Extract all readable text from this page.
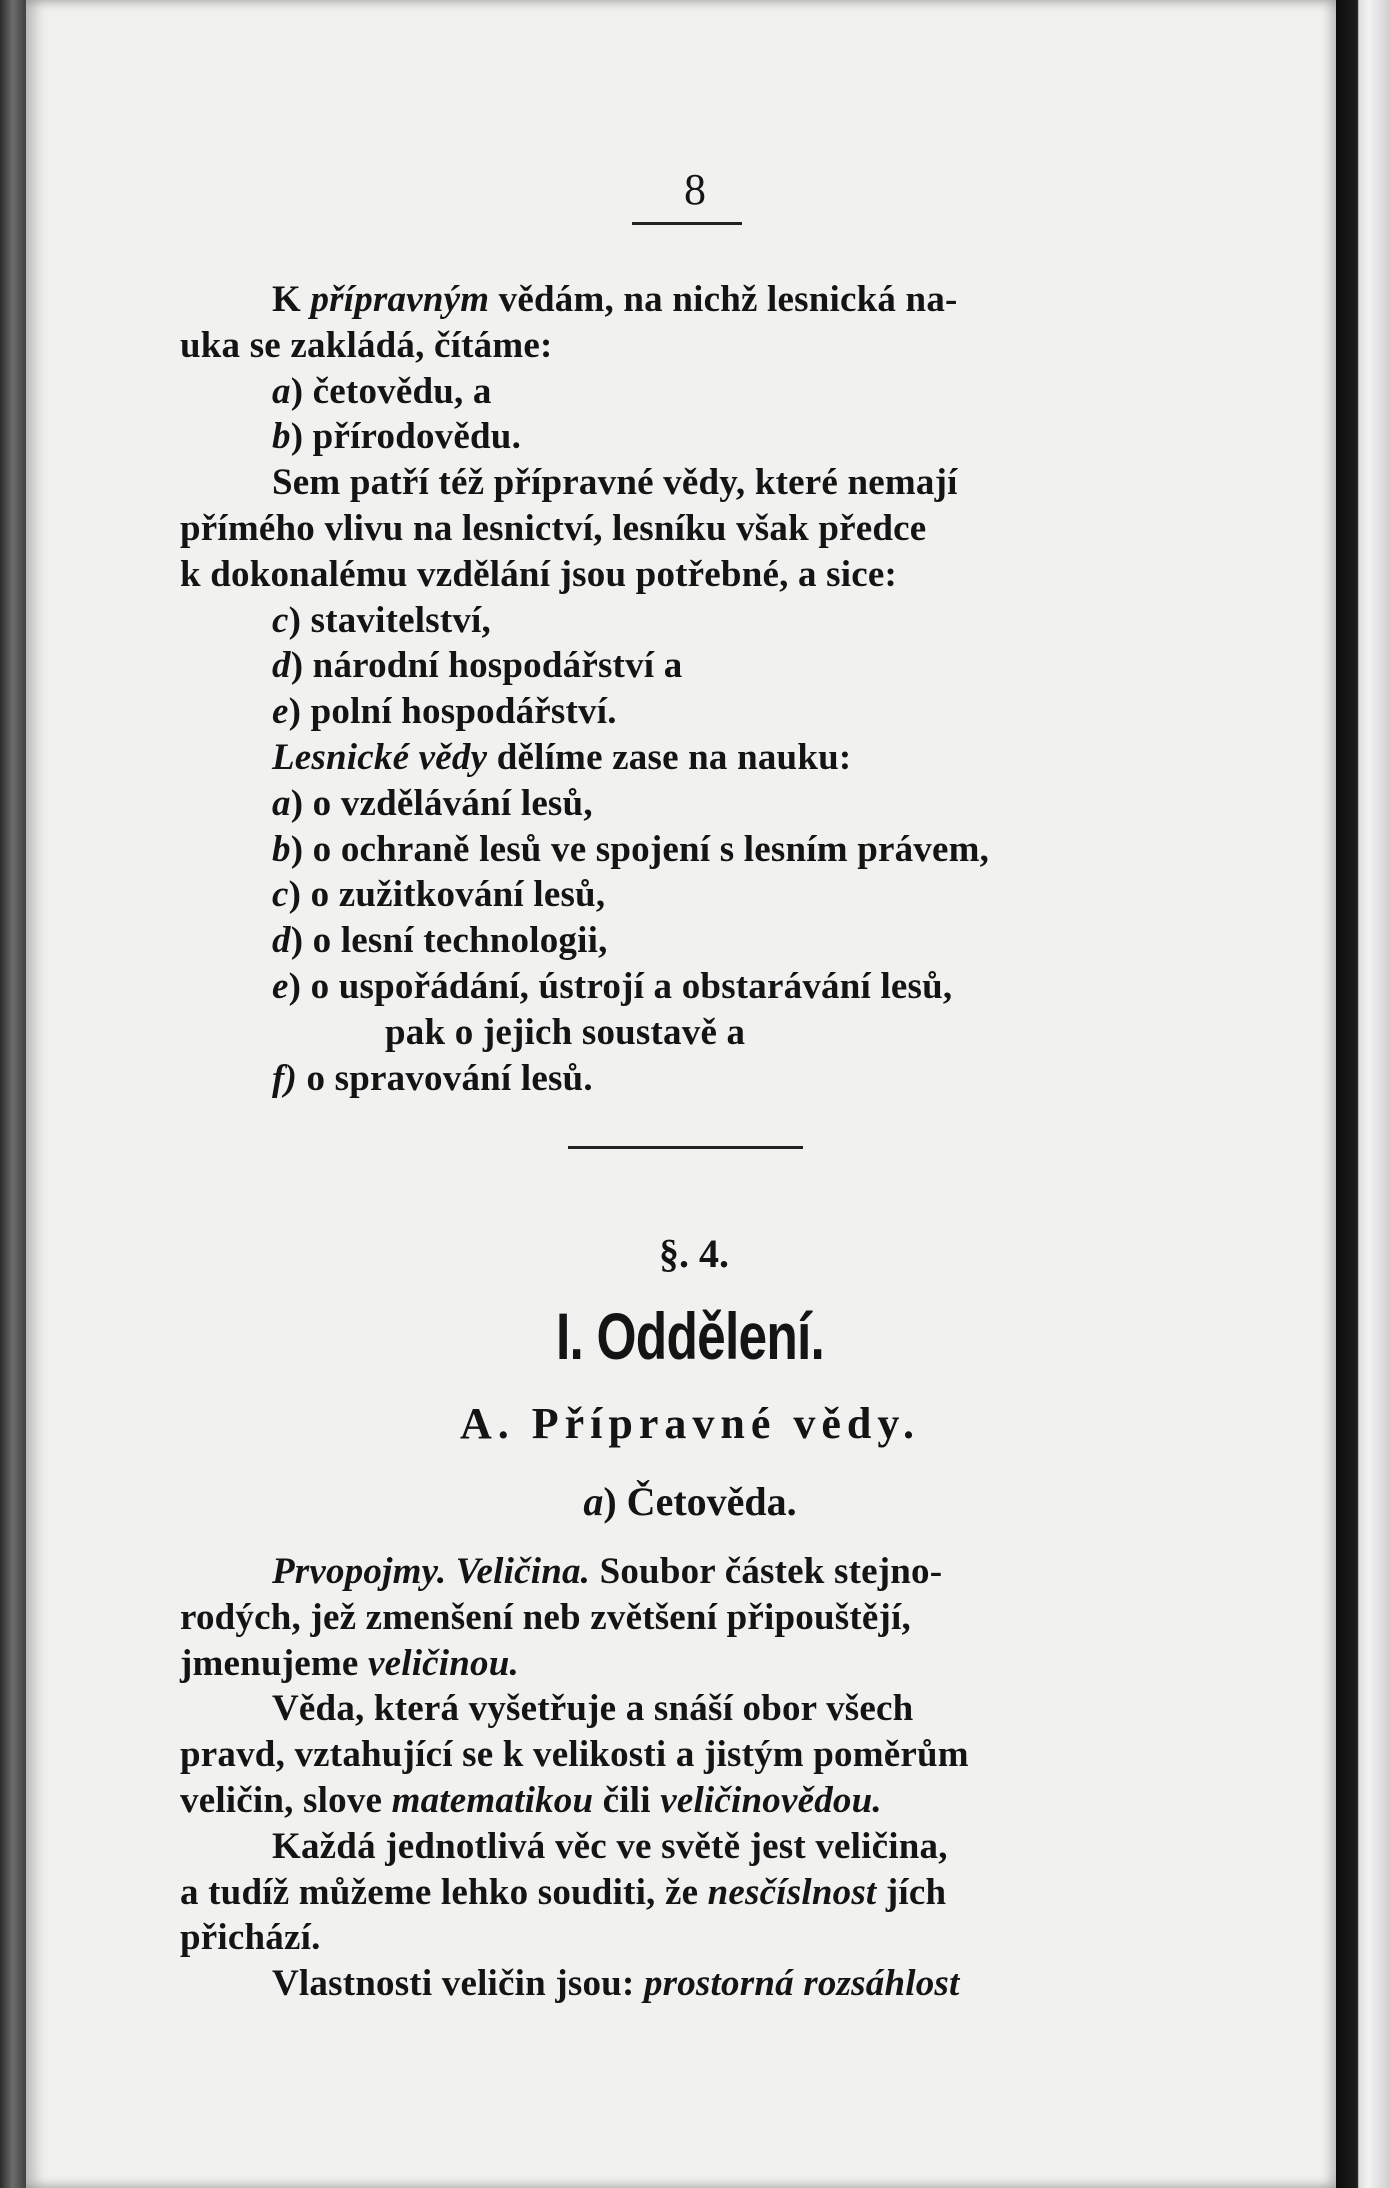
8
K přípravným vědám, na nichž lesnická na-
uka se zakládá, čítáme:
a) četovědu, a
b) přírodovědu.
Sem patří též přípravné vědy, které nemají
přímého vlivu na lesnictví, lesníku však předce
k dokonalému vzdělání jsou potřebné, a sice:
c) stavitelství,
d) národní hospodářství a
e) polní hospodářství.
Lesnické vědy dělíme zase na nauku:
a) o vzdělávání lesů,
b) o ochraně lesů ve spojení s lesním právem,
c) o zužitkování lesů,
d) o lesní technologii,
e) o uspořádání, ústrojí a obstarávání lesů,
pak o jejich soustavě a
f) o spravování lesů.
§. 4.
I. Oddělení.
A. Přípravné vědy.
a) Četověda.
Prvopojmy. Veličina. Soubor částek stejno-
rodých, jež zmenšení neb zvětšení připouštějí,
jmenujeme veličinou.
Věda, která vyšetřuje a snáší obor všech
pravd, vztahující se k velikosti a jistým poměrům
veličin, slove matematikou čili veličinovědou.
Každá jednotlivá věc ve světě jest veličina,
a tudíž můžeme lehko souditi, že nesčíslnost jích
přichází.
Vlastnosti veličin jsou: prostorná rozsáhlost
